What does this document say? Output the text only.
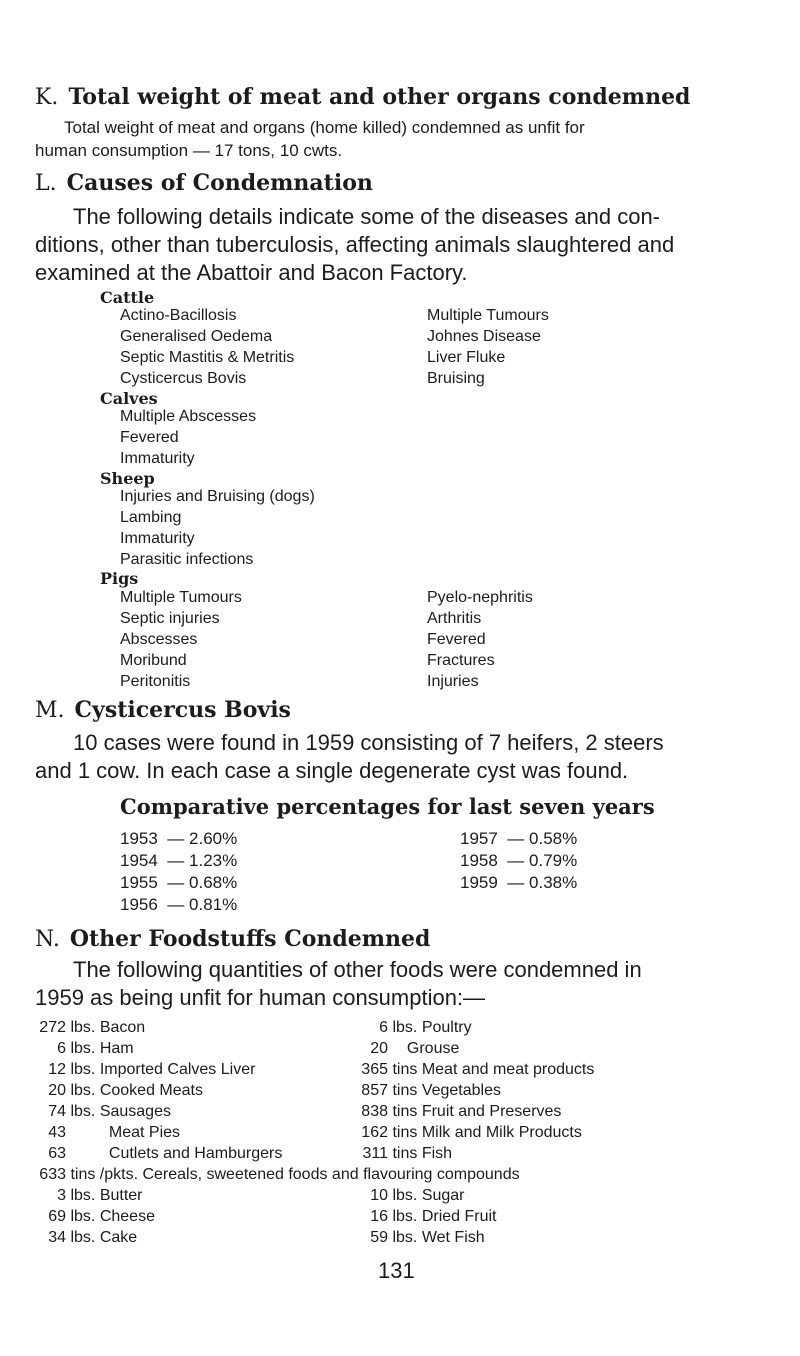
K. Total weight of meat and other organs condemned
Total weight of meat and organs (home killed) condemned as unfit for
human consumption — 17 tons, 10 cwts.
L. Causes of Condemnation
The following details indicate some of the diseases and con-
ditions, other than tuberculosis, affecting animals slaughtered and
examined at the Abattoir and Bacon Factory.
Cattle
Actino-Bacillosis
Generalised Oedema
Septic Mastitis & Metritis
Cysticercus Bovis
Multiple Tumours
Johnes Disease
Liver Fluke
Bruising
Calves
Multiple Abscesses
Fevered
Immaturity
Sheep
Injuries and Bruising (dogs)
Lambing
Immaturity
Parasitic infections
Pigs
Multiple Tumours
Septic injuries
Abscesses
Moribund
Peritonitis
Pyelo-nephritis
Arthritis
Fevered
Fractures
Injuries
M. Cysticercus Bovis
10 cases were found in 1959 consisting of 7 heifers, 2 steers
and 1 cow. In each case a single degenerate cyst was found.
Comparative percentages for last seven years
1953 — 2.60%
1954 — 1.23%
1955 — 0.68%
1956 — 0.81%
1957 — 0.58%
1958 — 0.79%
1959 — 0.38%
N. Other Foodstuffs Condemned
The following quantities of other foods were condemned in
1959 as being unfit for human consumption:—
272 lbs. Bacon
6 lbs. Ham
12 lbs. Imported Calves Liver
20 lbs. Cooked Meats
74 lbs. Sausages
43	Meat Pies
63	Cutlets and Hamburgers
6 lbs. Poultry
20 Grouse
365 tins Meat and meat products
857 tins Vegetables
838 tins Fruit and Preserves
162 tins Milk and Milk Products
311 tins Fish
633 tins /pkts. Cereals, sweetened foods and flavouring compounds
3 lbs. Butter
69 lbs. Cheese
34 lbs. Cake
10 lbs. Sugar
16 lbs. Dried Fruit
59 lbs. Wet Fish
131
